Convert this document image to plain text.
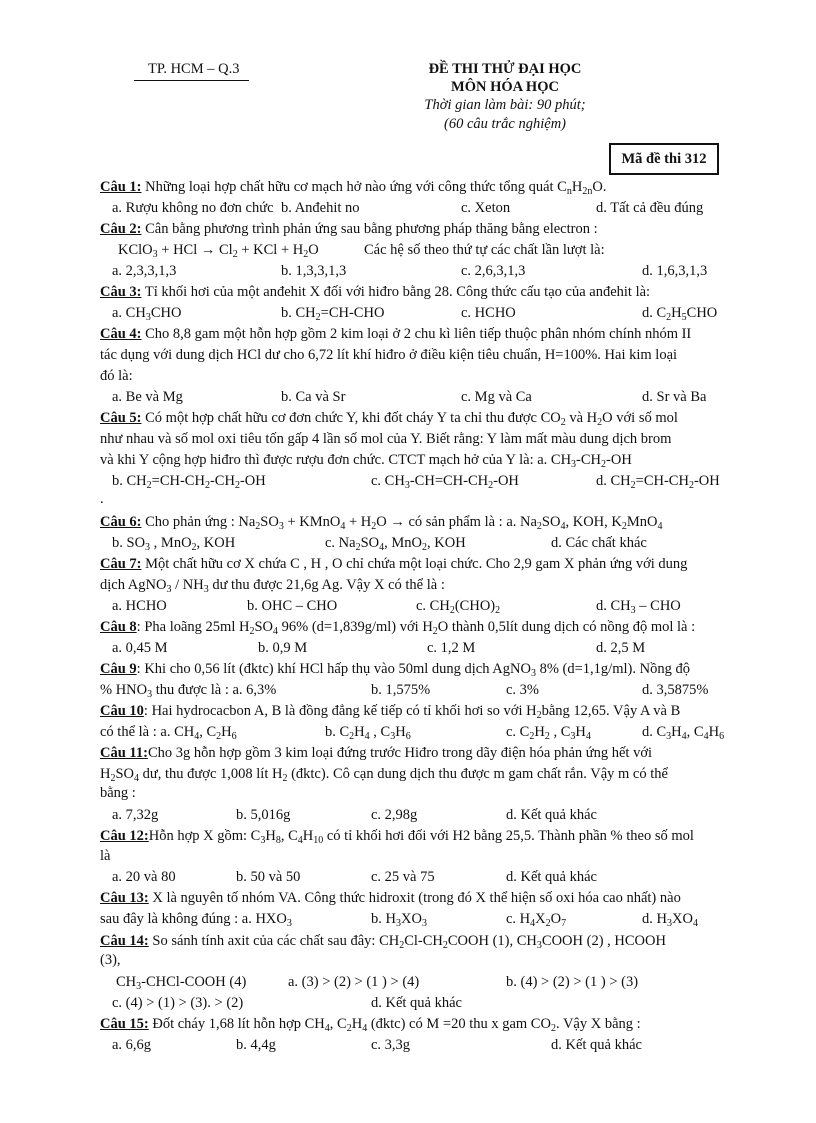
TP. HCM – Q.3	ĐỀ THI THỬ ĐẠI HỌC
MÔN HÓA HỌC
Thời gian làm bài: 90 phút;
(60 câu trắc nghiệm)
Mã đề thi 312
Câu 1: Những loại hợp chất hữu cơ mạch hở nào ứng với công thức tổng quát $C_nH_{2n}O$.
a. Rượu không no đơn chức b. Anđehit no	c. Xeton	d. Tất cả đều đúng
Câu 2: Cân bằng phương trình phản ứng sau bằng phương pháp thăng bằng electron :
KClO$_3$ + HCl → $Cl_2$ + KCl + $H_2O$	Các hệ số theo thứ tự các chất lần lượt là:
a. 2,3,3,1,3	b. 1,3,3,1,3	c. 2,6,3,1,3	d. 1,6,3,1,3
Câu 3: Tỉ khối hơi của một anđehit X đối với hiđro bằng 28. Công thức cấu tạo của anđehit là:
a. $CH_3CHO$	b. $CH_2=CH$-CHO	c. HCHO	d. $C_2H_5CHO$
Câu 4: Cho 8,8 gam một hỗn hợp gồm 2 kim loại ở 2 chu kì liên tiếp thuộc phân nhóm chính nhóm II
tác dụng với dung dịch HCl dư cho 6,72 lít khí hiđro ở điều kiện tiêu chuẩn, H=100%. Hai kim loại
đó là:
a. Be và Mg	b. Ca và Sr	c. Mg và Ca	d. Sr và Ba
Câu 5: Có một hợp chất hữu cơ đơn chức Y, khi đốt cháy Y ta chỉ thu được $CO_2$ và $H_2O$ với số mol
như nhau và số mol oxi tiêu tốn gấp 4 lần số mol của Y. Biết rằng: Y làm mất màu dung dịch brom
và khi Y cộng hợp hiđro thì được rượu đơn chức. CTCT mạch hở của Y là: a. $CH_3-CH_2-OH$
b. $CH_2=CH-CH_2-CH_2-OH$	c. $CH_3-CH=CH-CH_2-OH$	d. $CH_2=CH-CH_2-OH$
.
Câu 6: Cho phản ứng : $Na_2SO_3$ + KMnO$_4$ + $H_2O$ → có sản phẩm là : a. $Na_2SO_4$, KOH, $K_2MnO_4$
b. $SO_3$ , MnO$_2$, KOH	c. $Na_2SO_4$, MnO$_2$, KOH	d. Các chất khác
Câu 7: Một chất hữu cơ X chứa C , H , O chỉ chứa một loại chức. Cho 2,9 gam X phản ứng với dung
dịch AgNO$_3$ / $NH_3$ dư thu được 21,6g Ag. Vậy X có thể là :
a. HCHO	b. OHC – CHO	c. $CH_2(CHO)_2$	d. $CH_3$ – CHO
Câu 8: Pha loãng 25ml $H_2SO_4$ 96% (d=1,839g/ml) với $H_2O$ thành 0,5lít dung dịch có nồng độ mol là :
a. 0,45 M	b. 0,9 M	c. 1,2 M	d. 2,5 M
Câu 9: Khi cho 0,56 lít (đktc) khí HCl hấp thụ vào 50ml dung dịch AgNO$_3$ 8% (d=1,1g/ml). Nồng độ
% $HNO_3$ thu được là : a. 6,3%	b. 1,575%	c. 3%	d. 3,5875%
Câu 10: Hai hydrocacbon A, B là đồng đẳng kế tiếp có tỉ khối hơi so với $H_2bằng$ 12,65. Vậy A và B
có thể là : a. $CH_4$, $C_2H_6$	b. $C_2H_4$ , $C_3H_6$	c. $C_2H_2$ , $C_3H_4$	d. $C_3H_4$, $C_4H_6$
Câu 11:Cho 3g hỗn hợp gồm 3 kim loại đứng trước Hiđro trong dãy điện hóa phản ứng hết với
$H_2SO_4$ dư, thu được 1,008 lít $H_2$ (đktc). Cô cạn dung dịch thu được m gam chất rắn. Vậy m có thể
bằng :
a. 7,32g	b. 5,016g	c. 2,98g	d. Kết quả khác
Câu 12:Hỗn hợp X gồm: $C_3H_8$, $C_4H_{10}$ có tỉ khối hơi đối với H2 bằng 25,5. Thành phần % theo số mol
là
a. 20 và 80	b. 50 và 50	c. 25 và 75	d. Kết quả khác
Câu 13: X là nguyên tố nhóm VA. Công thức hidroxit (trong đó X thể hiện số oxi hóa cao nhất) nào
sau đây là không đúng : a. $HXO_3$	b. $H_3XO_3$	c. $H_4X_2O_7$	d. $H_3XO_4$
Câu 14: So sánh tính axit của các chất sau đây: $CH_2Cl-CH_2COOH$ (1), $CH_3COOH$ (2) , HCOOH
(3),
$CH_3-CHCl$-COOH (4)	a. (3) > (2) > (1 ) > (4)	b. (4) > (2) > (1 ) > (3)
c. (4) > (1) > (3). > (2)	d. Kết quả khác
Câu 15: Đốt cháy 1,68 lít hỗn hợp $CH_4$, $C_2H_4$ (đktc) có M =20 thu x gam $CO_2$. Vậy X bằng :
a. 6,6g	b. 4,4g	c. 3,3g	d. Kết quả khác
